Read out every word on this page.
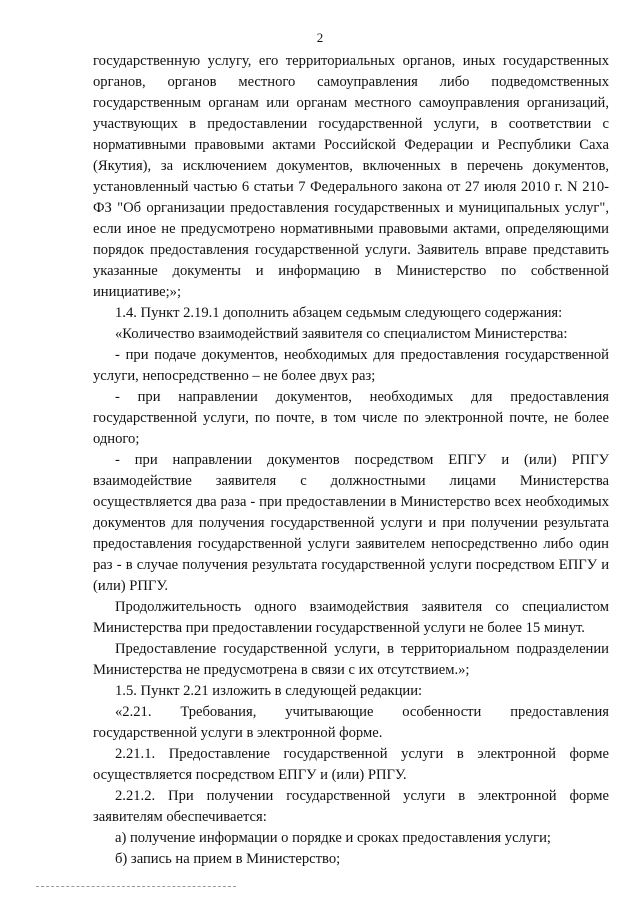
2

государственную услугу, его территориальных органов, иных государственных органов, органов местного самоуправления либо подведомственных государственным органам или органам местного самоуправления организаций, участвующих в предоставлении государственной услуги, в соответствии с нормативными правовыми актами Российской Федерации и Республики Саха (Якутия), за исключением документов, включенных в перечень документов, установленный частью 6 статьи 7 Федерального закона от 27 июля 2010 г. N 210-ФЗ "Об организации предоставления государственных и муниципальных услуг", если иное не предусмотрено нормативными правовыми актами, определяющими порядок предоставления государственной услуги. Заявитель вправе представить указанные документы и информацию в Министерство по собственной инициативе;»;

1.4. Пункт 2.19.1 дополнить абзацем седьмым следующего содержания:

«Количество взаимодействий заявителя со специалистом Министерства:

- при подаче документов, необходимых для предоставления государственной услуги, непосредственно – не более двух раз;

- при направлении документов, необходимых для предоставления государственной услуги, по почте, в том числе по электронной почте, не более одного;

- при направлении документов посредством ЕПГУ и (или) РПГУ взаимодействие заявителя с должностными лицами Министерства осуществляется два раза - при предоставлении в Министерство всех необходимых документов для получения государственной услуги и при получении результата предоставления государственной услуги заявителем непосредственно либо один раз - в случае получения результата государственной услуги посредством ЕПГУ и (или) РПГУ.

Продолжительность одного взаимодействия заявителя со специалистом Министерства при предоставлении государственной услуги не более 15 минут.

Предоставление государственной услуги, в территориальном подразделении Министерства не предусмотрена в связи с их отсутствием.»;

1.5. Пункт 2.21 изложить в следующей редакции:

«2.21. Требования, учитывающие особенности предоставления государственной услуги в электронной форме.

2.21.1. Предоставление государственной услуги в электронной форме осуществляется посредством ЕПГУ и (или) РПГУ.

2.21.2. При получении государственной услуги в электронной форме заявителям обеспечивается:

а) получение информации о порядке и сроках предоставления услуги;

б) запись на прием в Министерство;
